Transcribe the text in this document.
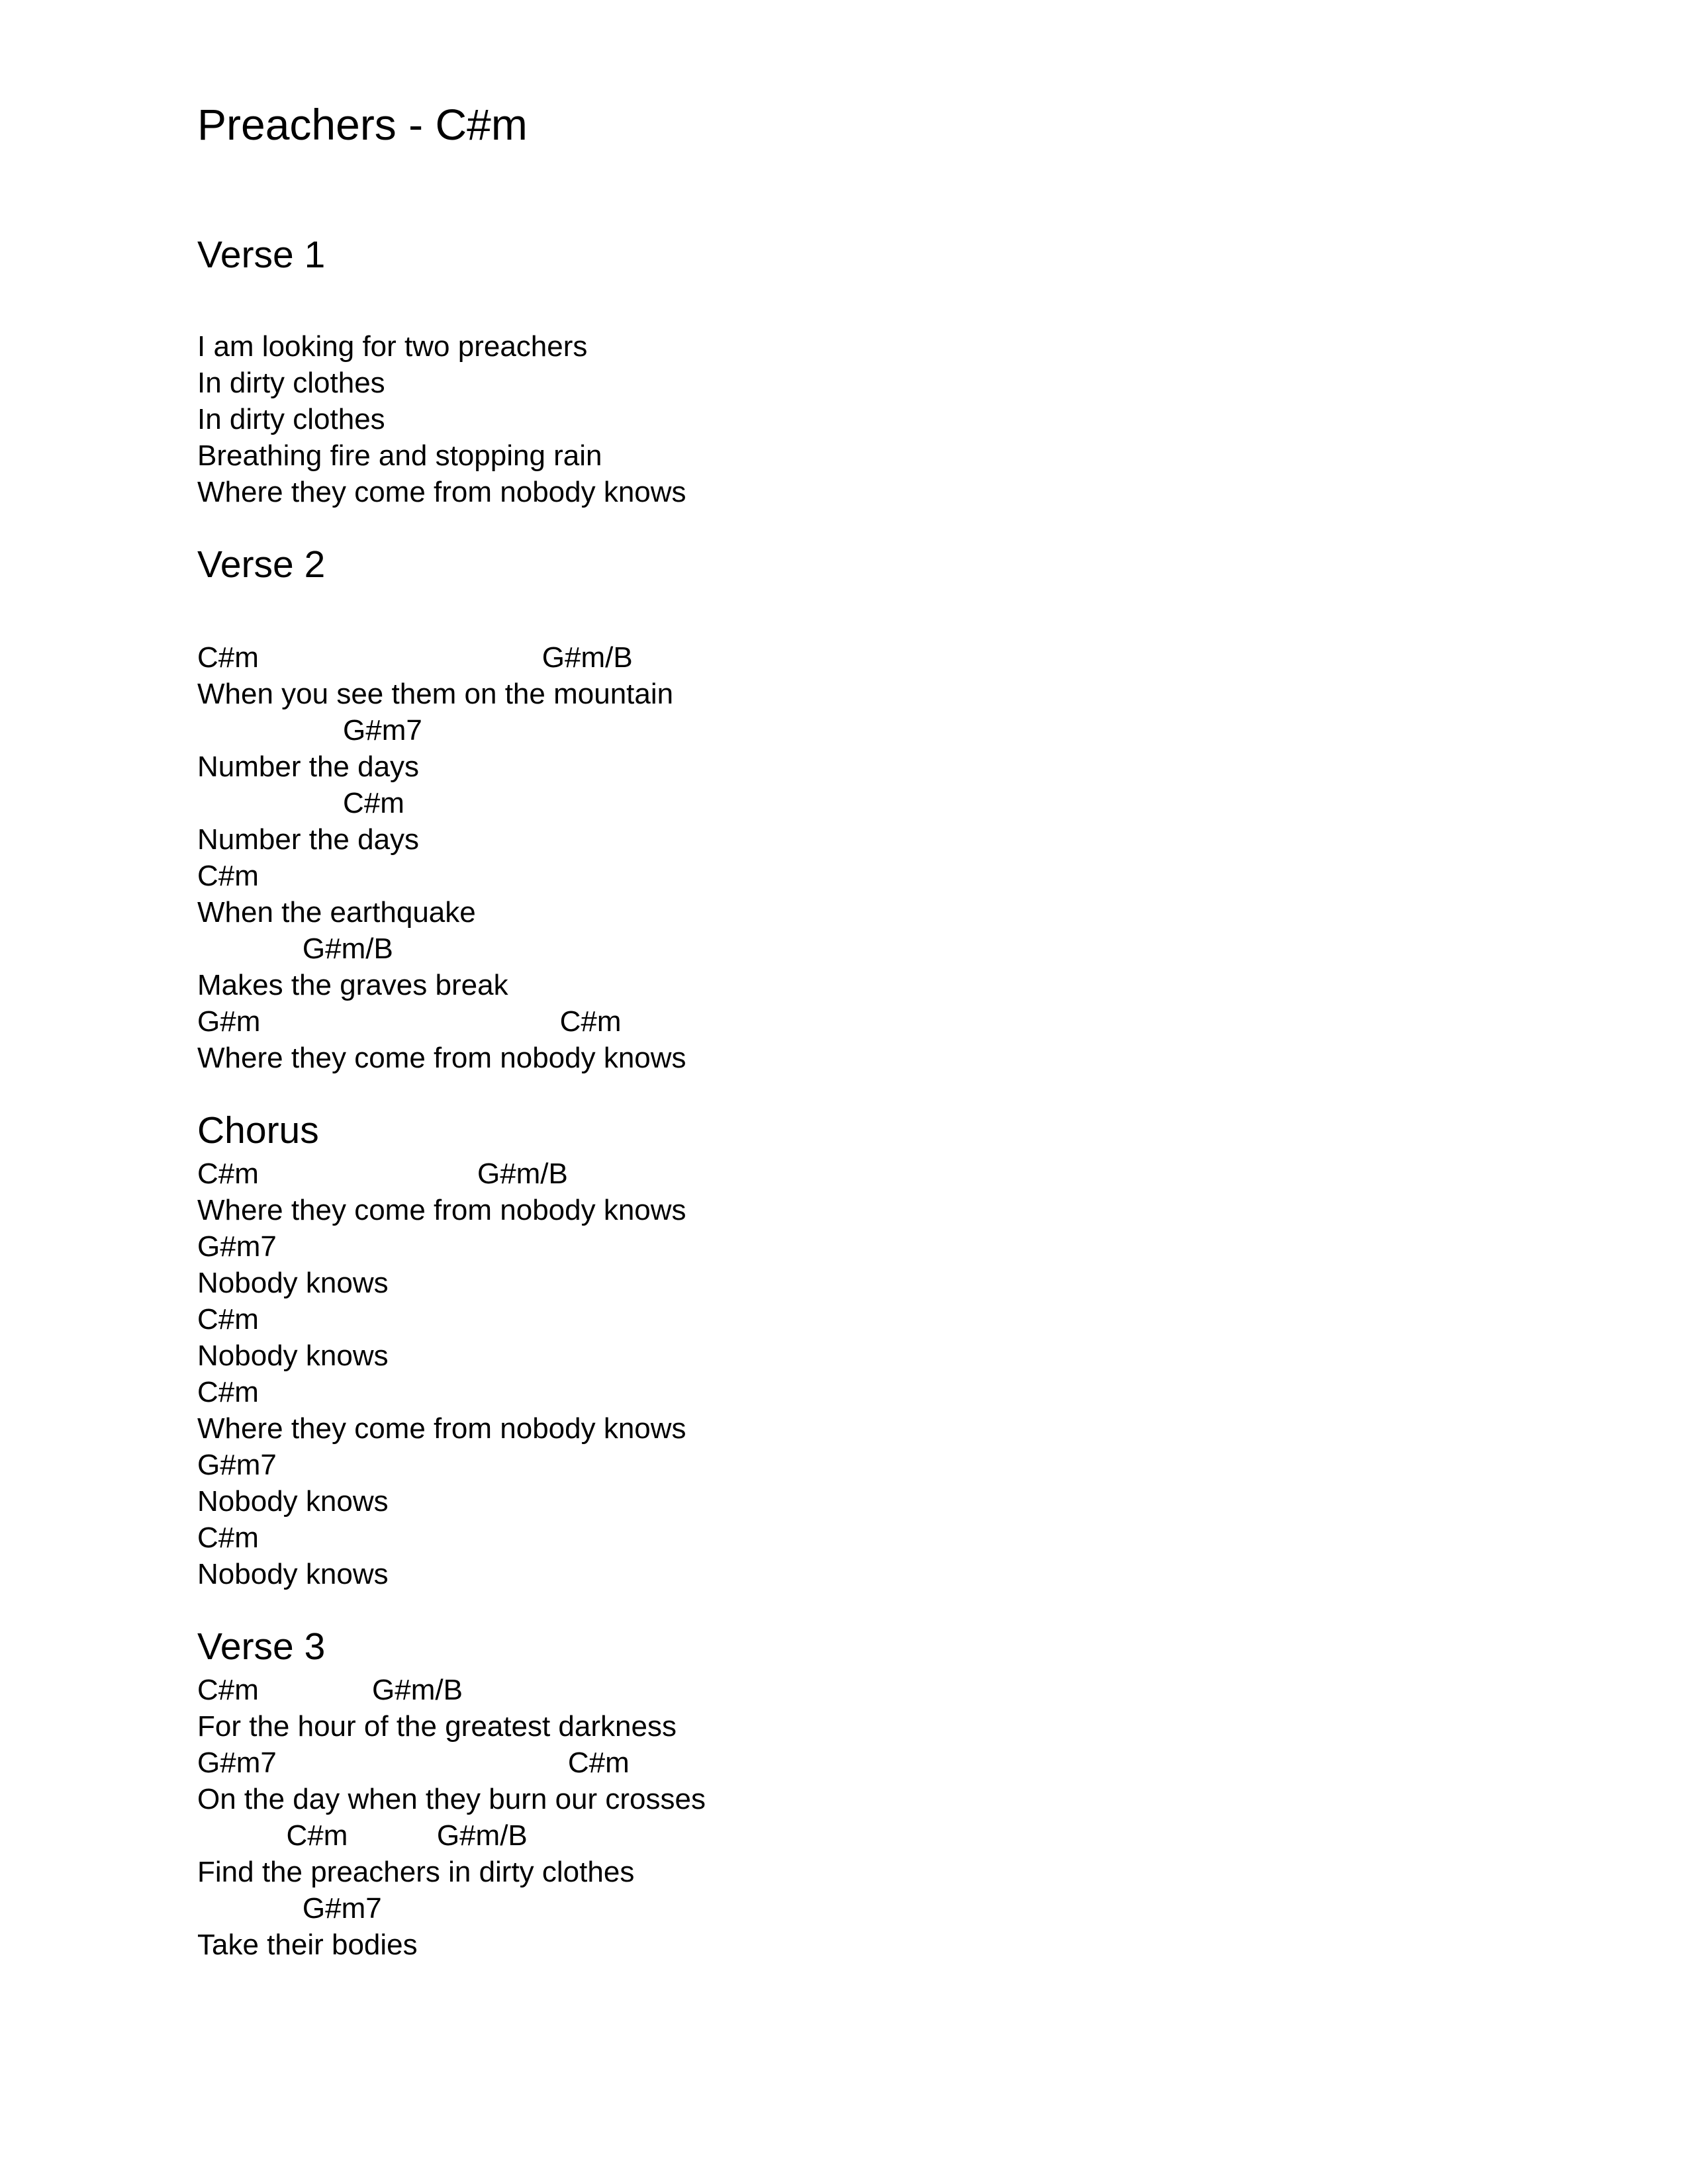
Preachers - C#m
Verse 1
I am looking for two preachers
In dirty clothes
In dirty clothes
Breathing fire and stopping rain
Where they come from nobody knows
Verse 2
C#m                                   G#m/B
When you see them on the mountain
G#m7
Number the days
C#m
Number the days
C#m
When the earthquake
G#m/B
Makes the graves break
G#m                                     C#m
Where they come from nobody knows
Chorus
C#m                           G#m/B
Where they come from nobody knows
G#m7
Nobody knows
C#m
Nobody knows
C#m
Where they come from nobody knows
G#m7
Nobody knows
C#m
Nobody knows
Verse 3
C#m              G#m/B
For the hour of the greatest darkness
G#m7                                    C#m
On the day when they burn our crosses
C#m           G#m/B
Find the preachers in dirty clothes
G#m7
Take their bodies
